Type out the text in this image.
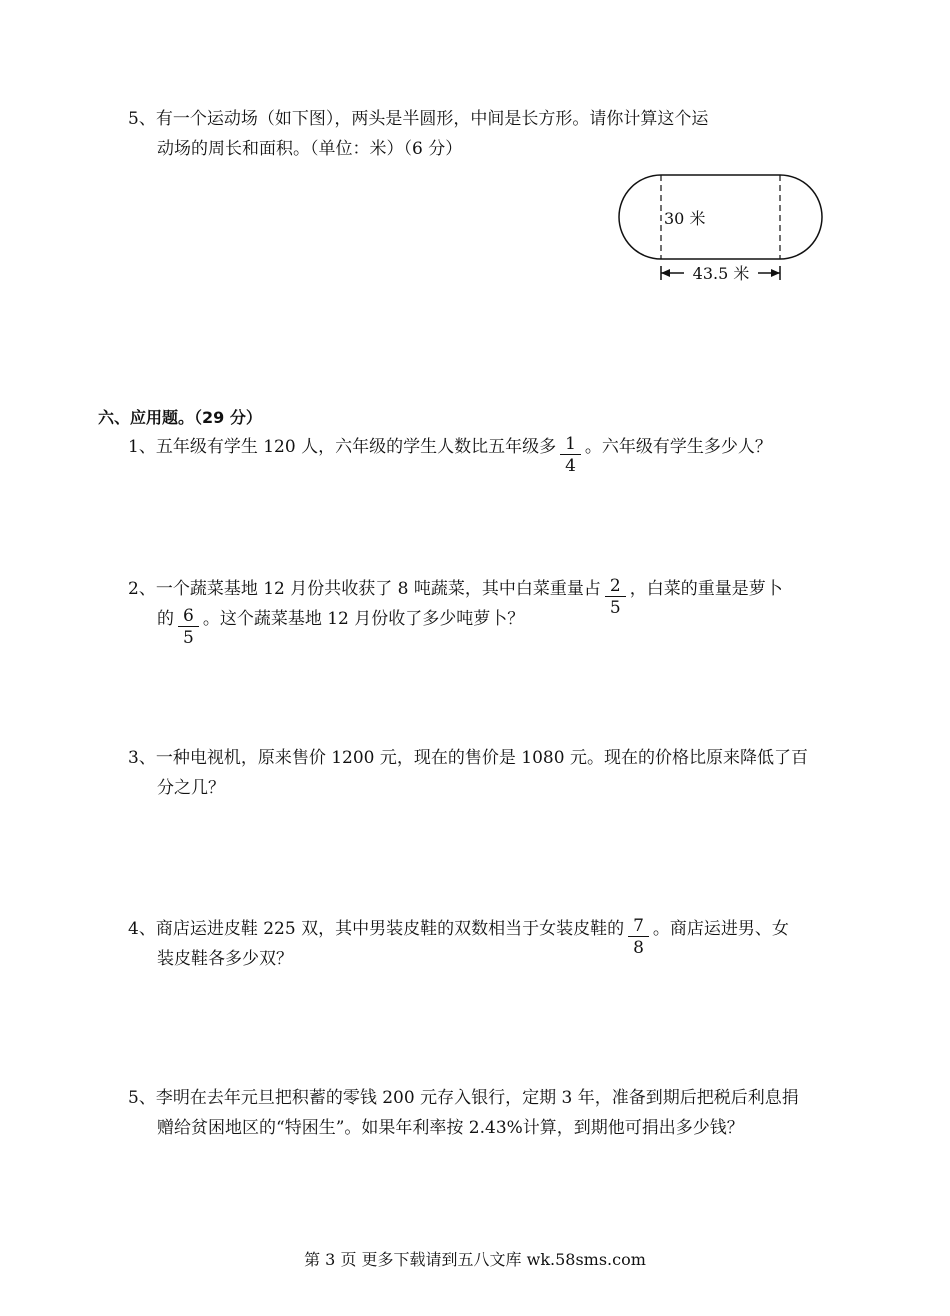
5、有一个运动场（如下图），两头是半圆形，中间是长方形。请你计算这个运
动场的周长和面积。（单位：米）（6 分）
30 米
43.5 米
六、应用题。（29 分）
1、五年级有学生 120 人，六年级的学生人数比五年级多 $\frac{1}{4}$ 。六年级有学生多少人？
2、一个蔬菜基地 12 月份共收获了 8 吨蔬菜，其中白菜重量占 $\frac{2}{5}$ ，白菜的重量是萝卜
的 $\frac{6}{5}$ 。这个蔬菜基地 12 月份收了多少吨萝卜？
3、一种电视机，原来售价 1200 元，现在的售价是 1080 元。现在的价格比原来降低了百
分之几？
4、商店运进皮鞋 225 双，其中男装皮鞋的双数相当于女装皮鞋的 $\frac{7}{8}$ 。商店运进男、女
装皮鞋各多少双？
5、李明在去年元旦把积蓄的零钱 200 元存入银行，定期 3 年，准备到期后把税后利息捐
赠给贫困地区的“特困生”。如果年利率按 2.43%计算，到期他可捐出多少钱？
第 3 页 更多下载请到五八文库 wk.58sms.com
